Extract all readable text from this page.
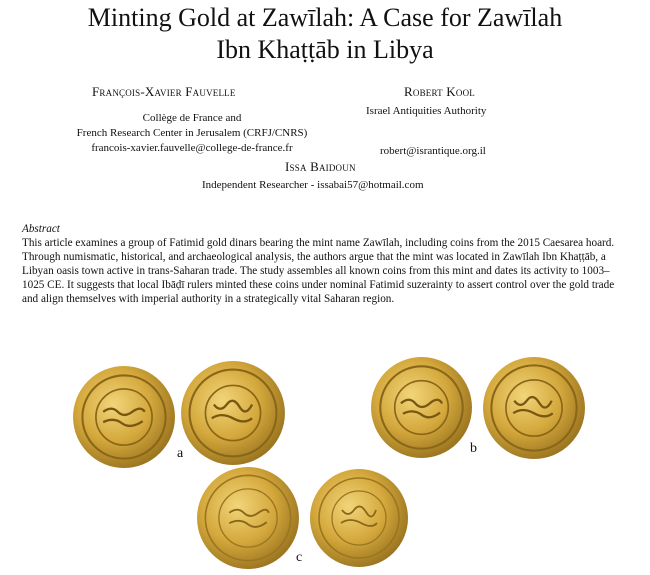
Minting Gold at Zawīlah: A Case for Zawīlah
Ibn Khaṭṭāb in Libya
François-Xavier Fauvelle
Collège de France and
French Research Center in Jerusalem (CRFJ/CNRS)
francois-xavier.fauvelle@college-de-france.fr
Robert Kool
Israel Antiquities Authority
robert@israntique.org.il
Issa Baidoun
Independent Researcher - issabai57@hotmail.com
Abstract
This article examines a group of Fatimid gold dinars bearing the mint name Zawīlah, including coins from the 2015 Caesarea hoard. Through numismatic, historical, and archaeological analysis, the authors argue that the mint was located in Zawīlah Ibn Khaṭṭāb, a Libyan oasis town active in trans-Saharan trade. The study assembles all known coins from this mint and dates its activity to 1003–1025 CE. It suggests that local Ibāḍī rulers minted these coins under nominal Fatimid suzerainty to assert control over the gold trade and align themselves with imperial authority in a strategically vital Saharan region.
a	b
c
